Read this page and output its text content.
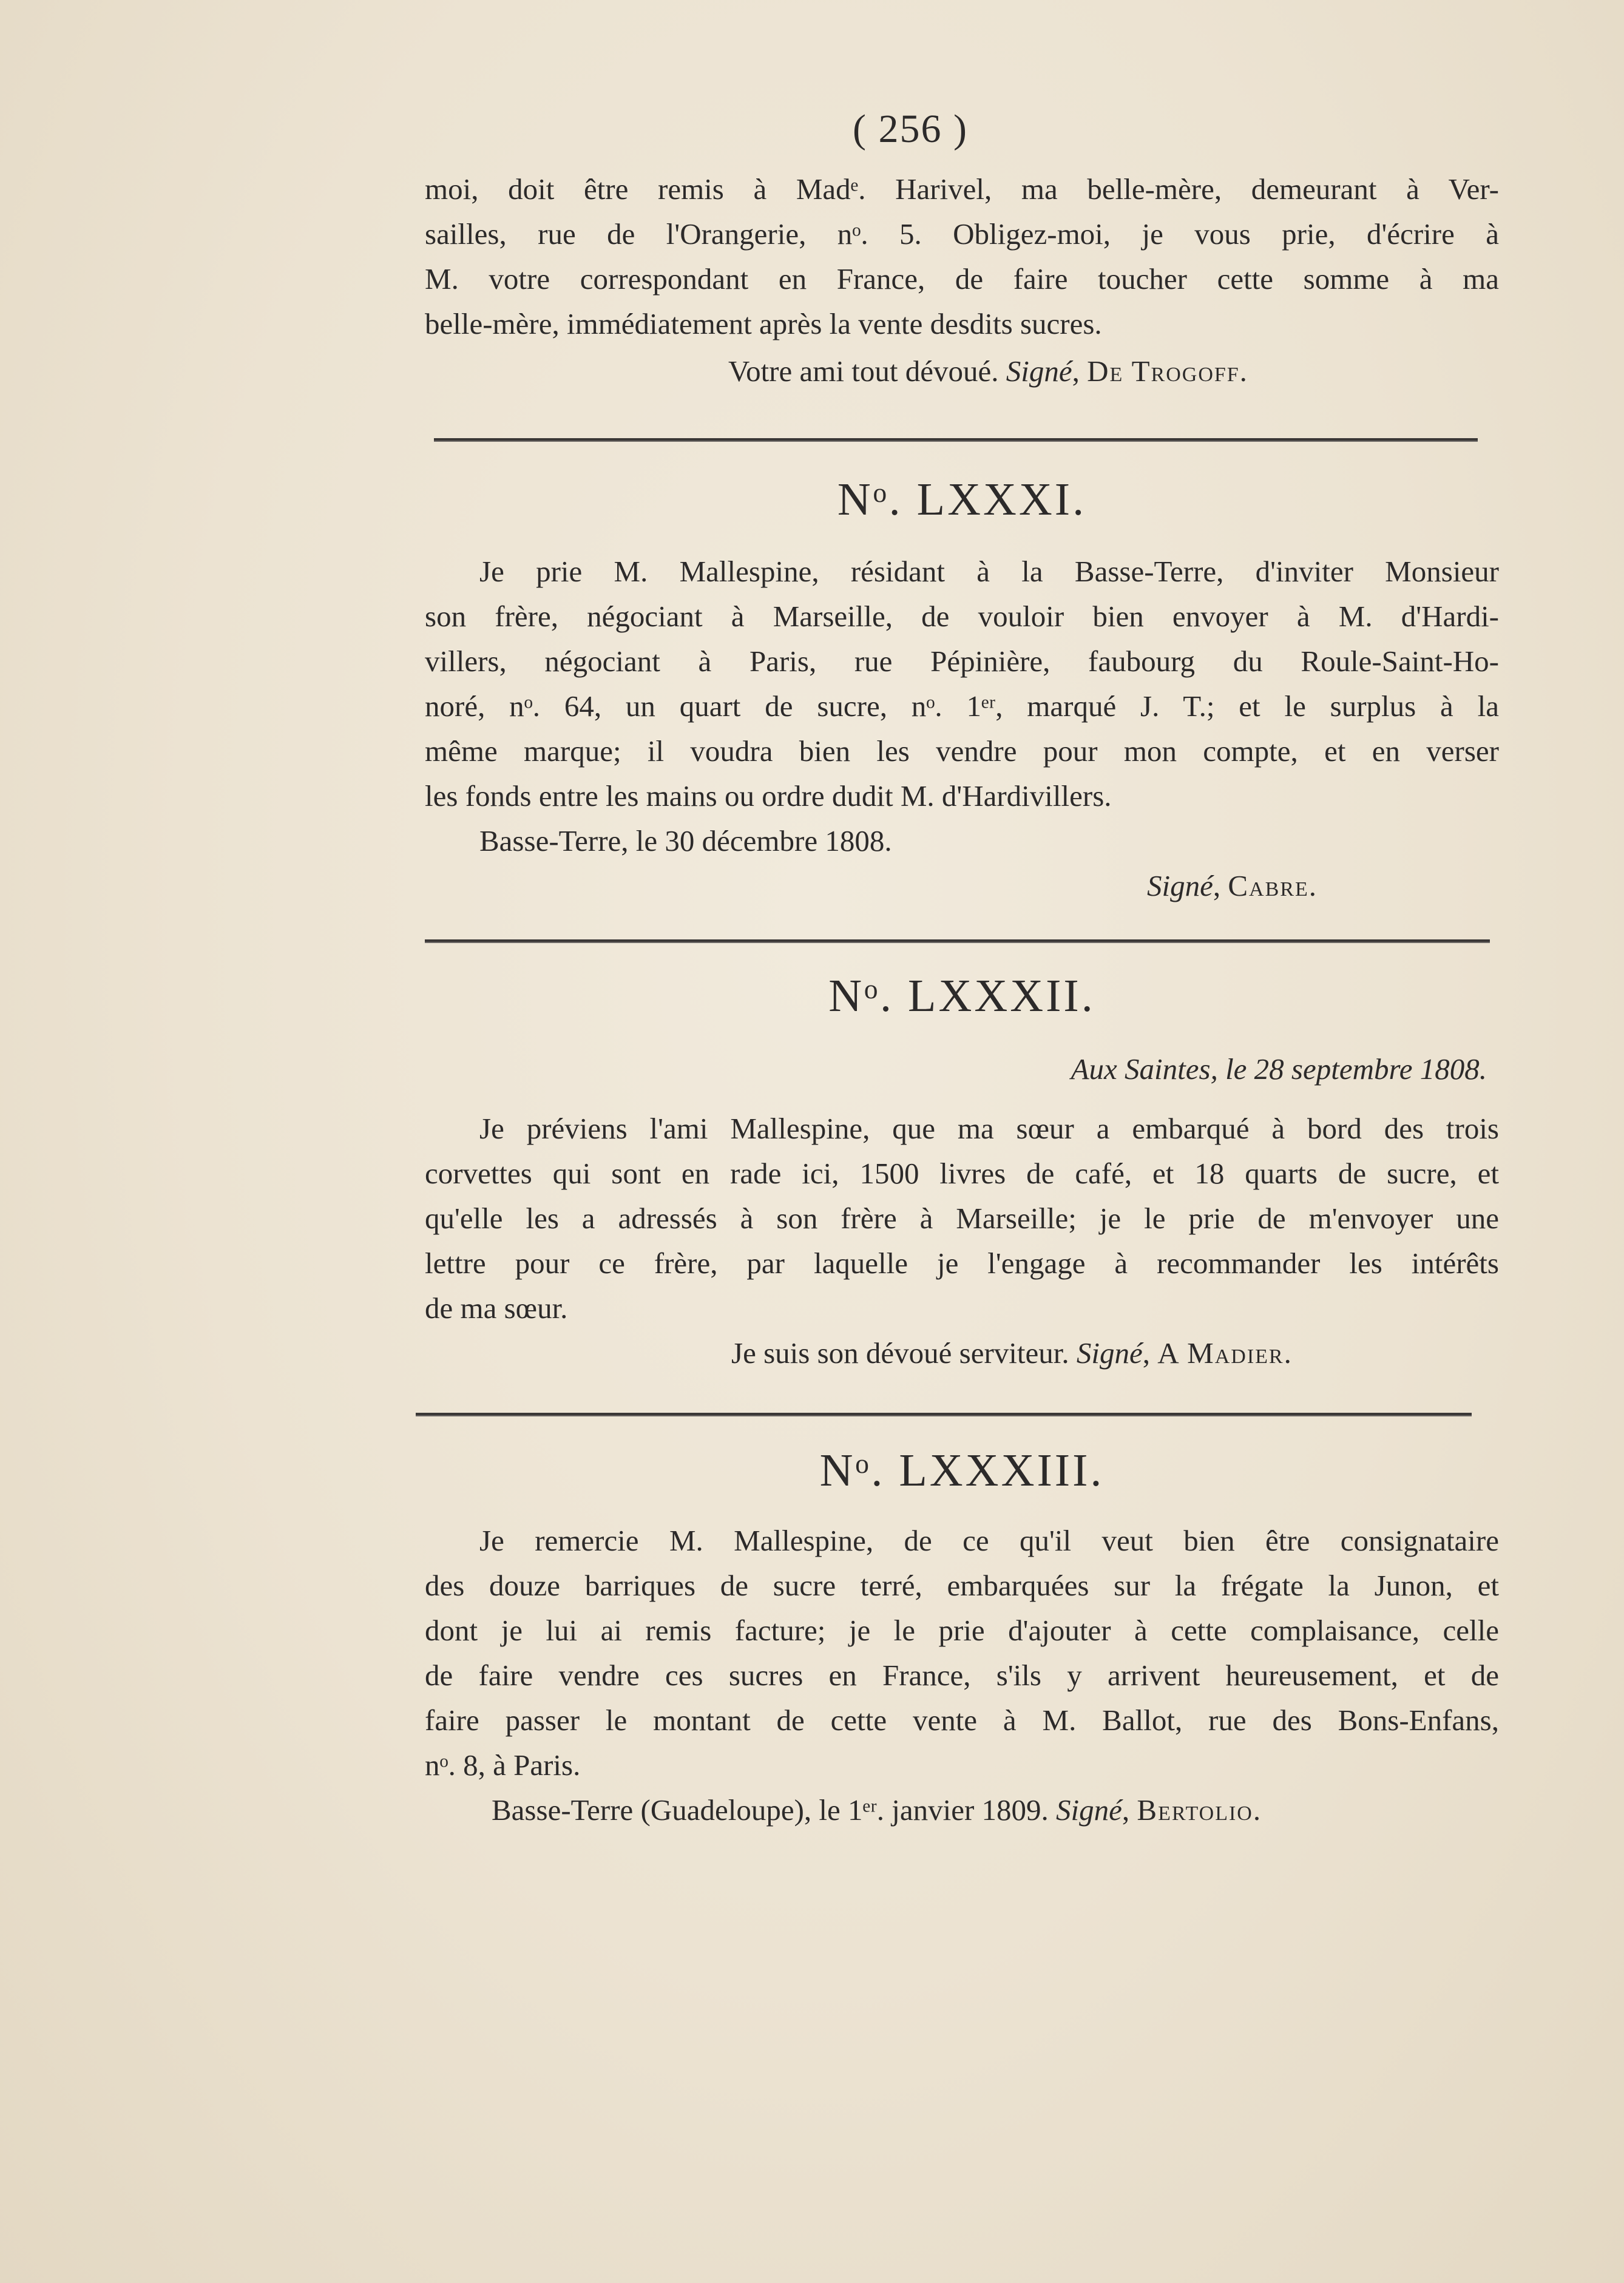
( 256 )
moi, doit être remis à Madᵉ. Harivel, ma belle-mère, demeurant à Ver-
sailles, rue de l'Orangerie, nᵒ. 5. Obligez-moi, je vous prie, d'écrire à
M. votre correspondant en France, de faire toucher cette somme à ma
belle-mère, immédiatement après la vente desdits sucres.
Votre ami tout dévoué. Signé, De Trogoff.
Nᵒ. LXXXI.
Je prie M. Mallespine, résidant à la Basse-Terre, d'inviter Monsieur
son frère, négociant à Marseille, de vouloir bien envoyer à M. d'Hardi-
villers, négociant à Paris, rue Pépinière, faubourg du Roule-Saint-Ho-
noré, nᵒ. 64, un quart de sucre, nᵒ. 1ᵉʳ, marqué J. T.; et le surplus à la
même marque; il voudra bien les vendre pour mon compte, et en verser
les fonds entre les mains ou ordre dudit M. d'Hardivillers.
Basse-Terre, le 30 décembre 1808.
Signé, Cabre.
Nᵒ. LXXXII.
Aux Saintes, le 28 septembre 1808.
Je préviens l'ami Mallespine, que ma sœur a embarqué à bord des trois
corvettes qui sont en rade ici, 1500 livres de café, et 18 quarts de sucre, et
qu'elle les a adressés à son frère à Marseille; je le prie de m'envoyer une
lettre pour ce frère, par laquelle je l'engage à recommander les intérêts
de ma sœur.
Je suis son dévoué serviteur. Signé, A Madier.
Nᵒ. LXXXIII.
Je remercie M. Mallespine, de ce qu'il veut bien être consignataire
des douze barriques de sucre terré, embarquées sur la frégate la Junon, et
dont je lui ai remis facture; je le prie d'ajouter à cette complaisance, celle
de faire vendre ces sucres en France, s'ils y arrivent heureusement, et de
faire passer le montant de cette vente à M. Ballot, rue des Bons-Enfans,
nᵒ. 8, à Paris.
Basse-Terre (Guadeloupe), le 1ᵉʳ. janvier 1809. Signé, Bertolio.
